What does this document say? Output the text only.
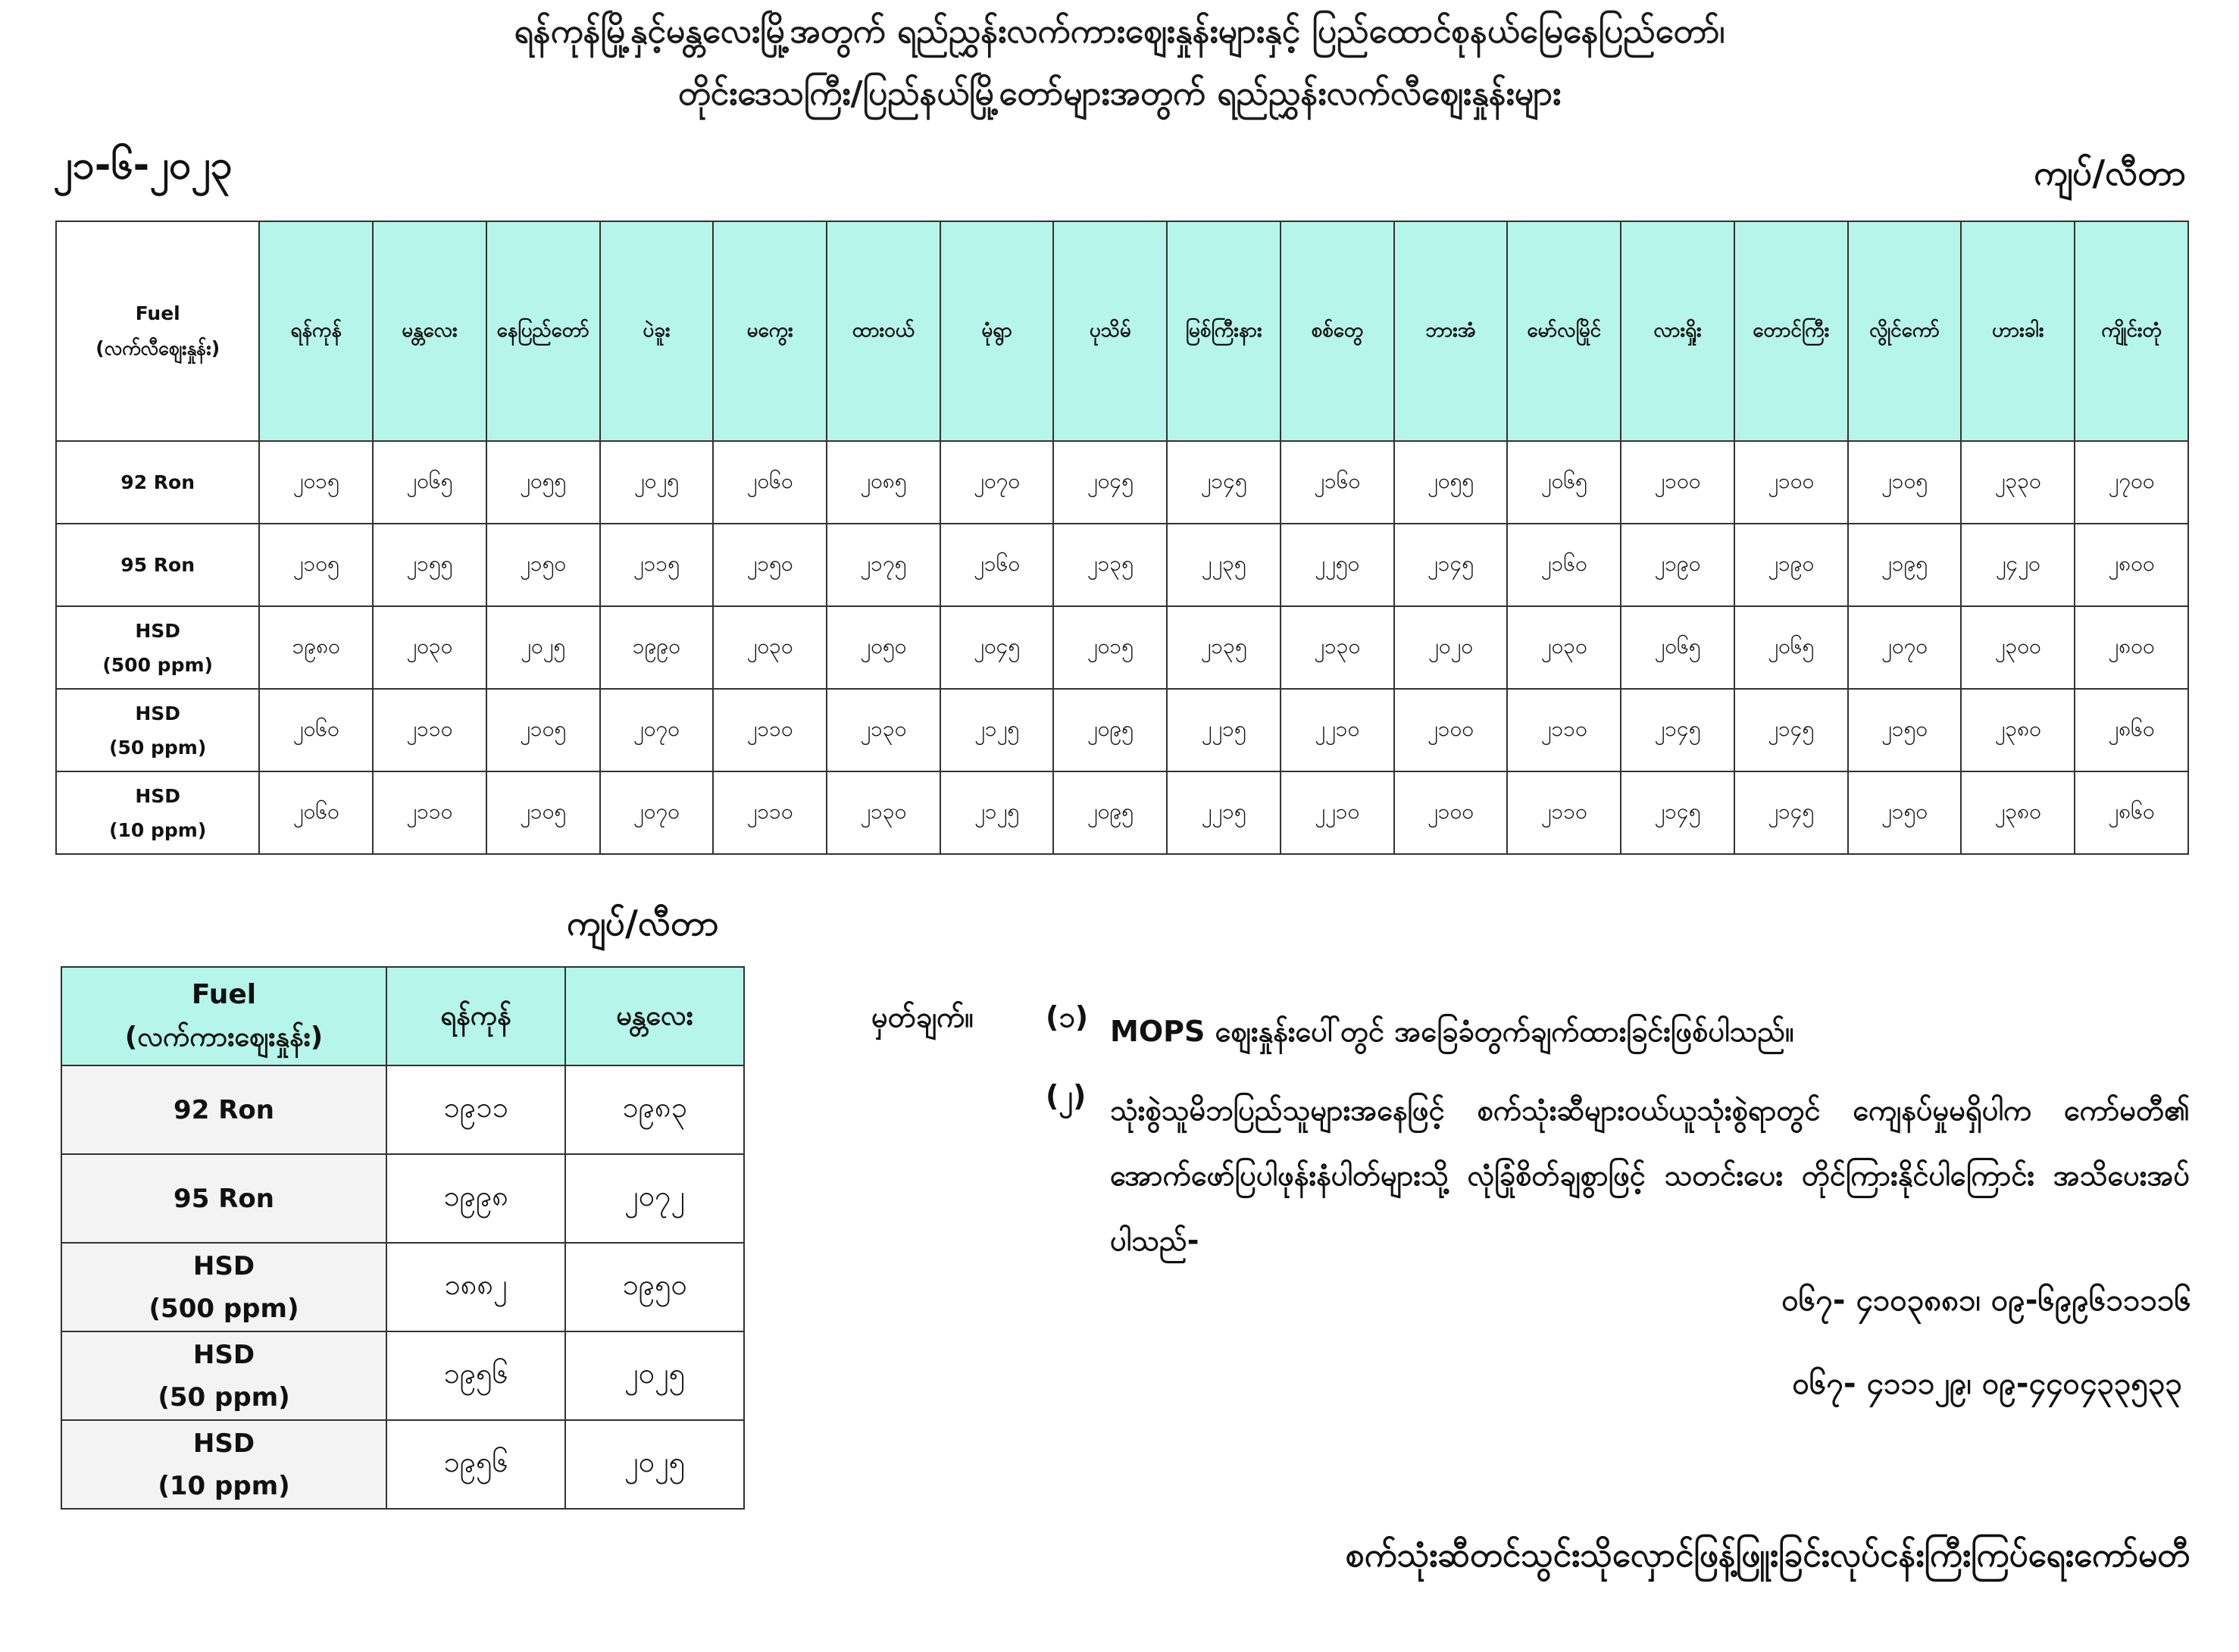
ရန်ကုန်မြို့နှင့်မန္တလေးမြို့အတွက် ရည်ညွှန်းလက်ကားဈေးနှုန်းများနှင့် ပြည်ထောင်စုနယ်မြေနေပြည်တော်၊
တိုင်းဒေသကြီး/ပြည်နယ်မြို့တော်များအတွက် ရည်ညွှန်းလက်လီဈေးနှုန်းများ
၂၁-၆-၂၀၂၃	ကျပ်/လီတာ
Fuel
(လက်လီဈေးနှုန်း)	ရန်ကုန်	မန္တလေး	နေပြည်တော်	ပဲခူး	မကွေး	ထားဝယ်	မုံရွာ	ပုသိမ်	မြစ်ကြီးနား	စစ်တွေ	ဘားအံ	မော်လမြိုင်	လားရှိုး	တောင်ကြီး	လွိုင်ကော်	ဟားခါး	ကျိုင်းတုံ

92 Ron	၂၀၁၅	၂၀၆၅	၂၀၅၅	၂၀၂၅	၂၀၆၀	၂၀၈၅	၂၀၇၀	၂၀၄၅	၂၁၄၅	၂၁၆၀	၂၀၅၅	၂၀၆၅	၂၁၀၀	၂၁၀၀	၂၁၀၅	၂၃၃၀	၂၇၀၀

95 Ron	၂၁၀၅	၂၁၅၅	၂၁၅၀	၂၁၁၅	၂၁၅၀	၂၁၇၅	၂၁၆၀	၂၁၃၅	၂၂၃၅	၂၂၅၀	၂၁၄၅	၂၁၆၀	၂၁၉၀	၂၁၉၀	၂၁၉၅	၂၄၂၀	၂၈၀၀

HSD
(500 ppm)	၁၉၈၀	၂၀၃၀	၂၀၂၅	၁၉၉၀	၂၀၃၀	၂၀၅၀	၂၀၄၅	၂၀၁၅	၂၁၃၅	၂၁၃၀	၂၀၂၀	၂၀၃၀	၂၀၆၅	၂၀၆၅	၂၀၇၀	၂၃၀၀	၂၈၀၀

HSD
(50 ppm)	၂၀၆၀	၂၁၁၀	၂၁၀၅	၂၀၇၀	၂၁၁၀	၂၁၃၀	၂၁၂၅	၂၀၉၅	၂၂၁၅	၂၂၁၀	၂၁၀၀	၂၁၁၀	၂၁၄၅	၂၁၄၅	၂၁၅၀	၂၃၈၀	၂၈၆၀

HSD
(10 ppm)	၂၀၆၀	၂၁၁၀	၂၁၀၅	၂၀၇၀	၂၁၁၀	၂၁၃၀	၂၁၂၅	၂၀၉၅	၂၂၁၅	၂၂၁၀	၂၁၀၀	၂၁၁၀	၂၁၄၅	၂၁၄၅	၂၁၅၀	၂၃၈၀	၂၈၆၀
ကျပ်/လီတာ
Fuel
(လက်ကားဈေးနှုန်း)	ရန်ကုန်	မန္တလေး

92 Ron	၁၉၁၁	၁၉၈၃

95 Ron	၁၉၉၈	၂၀၇၂

HSD
(500 ppm)	၁၈၈၂	၁၉၅၀

HSD
(50 ppm)	၁၉၅၆	၂၀၂၅

HSD
(10 ppm)	၁၉၅၆	၂၀၂၅
မှတ်ချက်။	(၁) MOPS ဈေးနှုန်းပေါ်တွင် အခြေခံတွက်ချက်ထားခြင်းဖြစ်ပါသည်။
(၂) သုံးစွဲသူမိဘပြည်သူများအနေဖြင့် စက်သုံးဆီများဝယ်ယူသုံးစွဲရာတွင် ကျေနပ်မှုမရှိပါက ကော်မတီ၏ အောက်ဖော်ပြပါဖုန်းနံပါတ်များသို့ လုံခြုံစိတ်ချစွာဖြင့် သတင်းပေး တိုင်ကြားနိုင်ပါကြောင်း အသိပေးအပ်ပါသည်-
၀၆၇- ၄၁၀၃၈၈၁၊ ၀၉-၆၉၉၆၁၁၁၁၆
၀၆၇- ၄၁၁၁၂၉၊ ၀၉-၄၄၀၄၃၃၅၃၃
စက်သုံးဆီတင်သွင်းသိုလှောင်ဖြန့်ဖြူးခြင်းလုပ်ငန်းကြီးကြပ်ရေးကော်မတီ
